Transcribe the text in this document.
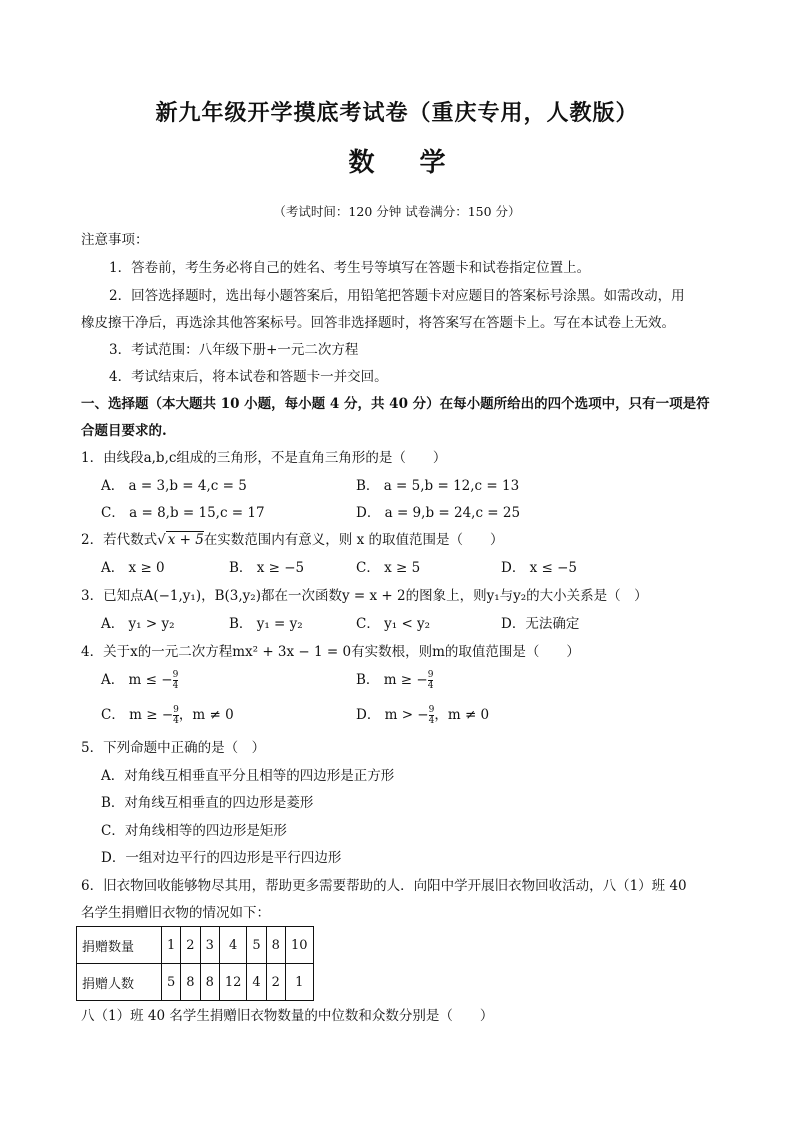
新九年级开学摸底考试卷（重庆专用，人教版）
数 学
（考试时间：120 分钟 试卷满分：150 分）
注意事项：
1．答卷前，考生务必将自己的姓名、考生号等填写在答题卡和试卷指定位置上。
2．回答选择题时，选出每小题答案后，用铅笔把答题卡对应题目的答案标号涂黑。如需改动，用
橡皮擦干净后，再选涂其他答案标号。回答非选择题时，将答案写在答题卡上。写在本试卷上无效。
3．考试范围：八年级下册+一元二次方程
4．考试结束后，将本试卷和答题卡一并交回。
一、选择题（本大题共 10 小题，每小题 4 分，共 40 分）在每小题所给出的四个选项中，只有一项是符
合题目要求的.
1．由线段a,b,c组成的三角形，不是直角三角形的是（　　）
A． a = 3,b = 4,c = 5	B． a = 5,b = 12,c = 13
C． a = 8,b = 15,c = 17	D． a = 9,b = 24,c = 25
2．若代数式√ x + 5在实数范围内有意义，则 x 的取值范围是（　　）
A． x ≥ 0	B． x ≥ −5	C． x ≥ 5	D． x ≤ −5
3．已知点A(−1,y₁)，B(3,y₂)都在一次函数y = x + 2的图象上，则y₁与y₂的大小关系是（　）
A． y₁ > y₂	B． y₁ = y₂	C． y₁ < y₂	D．无法确定
4．关于x的一元二次方程mx² + 3x − 1 = 0有实数根，则m的取值范围是（　　）
A． m ≤ − $\frac{9}{4}$	B． m ≥ − $\frac{9}{4}$
C． m ≥ − $\frac{9}{4}$ ，m ≠ 0	D． m > − $\frac{9}{4}$ ，m ≠ 0
5．下列命题中正确的是（　）
A．对角线互相垂直平分且相等的四边形是正方形
B．对角线互相垂直的四边形是菱形
C．对角线相等的四边形是矩形
D．一组对边平行的四边形是平行四边形
6．旧衣物回收能够物尽其用，帮助更多需要帮助的人．向阳中学开展旧衣物回收活动，八（1）班 40
名学生捐赠旧衣物的情况如下：
捐赠数量	1	2	3	4	5	8	10
捐赠人数	5	8	8	12	4	2	1
八（1）班 40 名学生捐赠旧衣物数量的中位数和众数分别是（　　）
